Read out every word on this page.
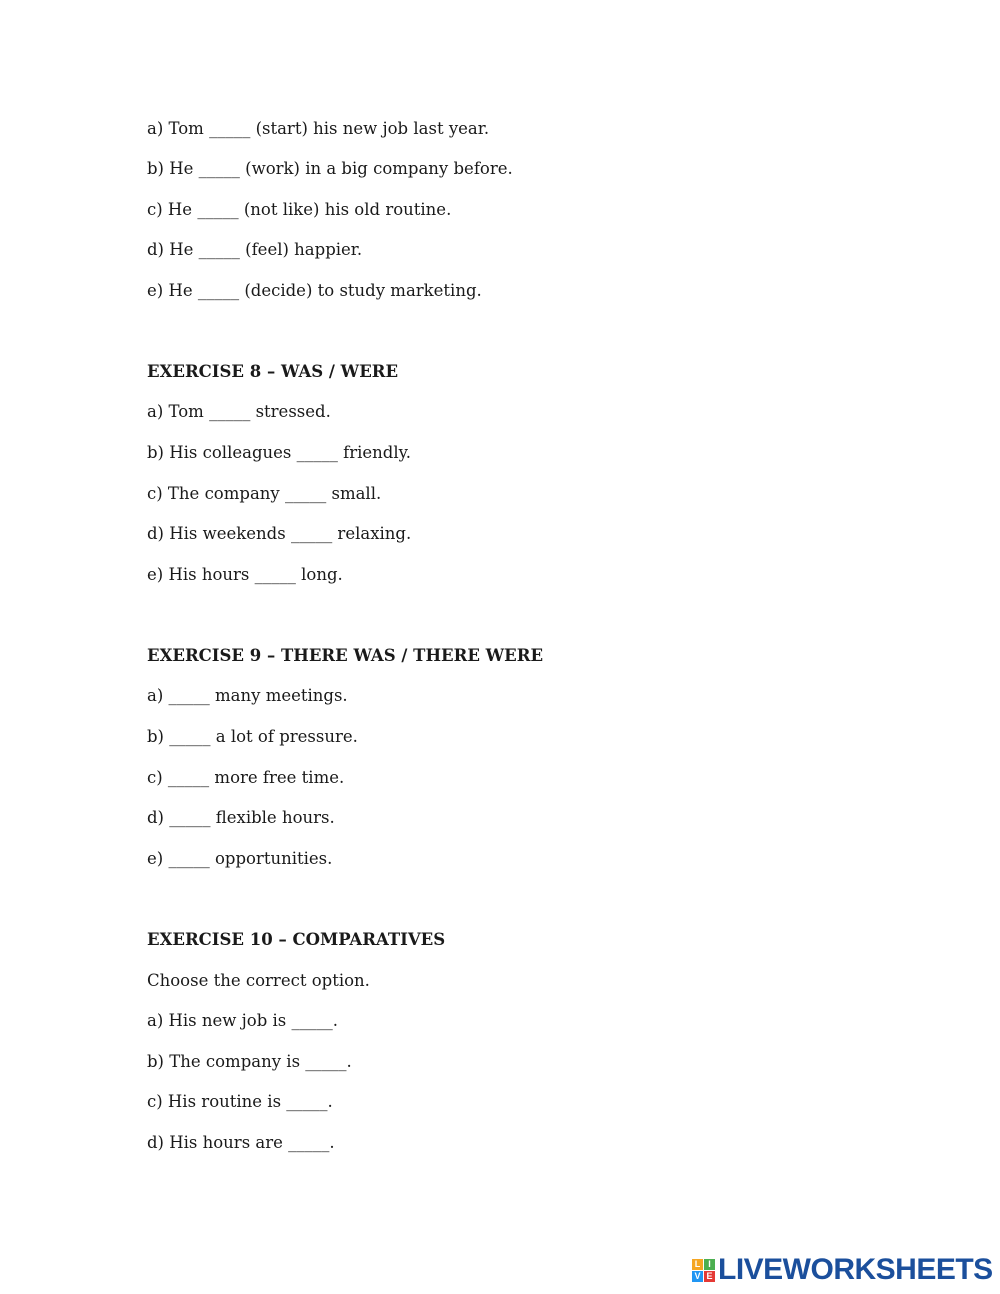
a) Tom _____ (start) his new job last year.

b) He _____ (work) in a big company before.

c) He _____ (not like) his old routine.

d) He _____ (feel) happier.

e) He _____ (decide) to study marketing.

EXERCISE 8 – WAS / WERE

a) Tom _____ stressed.

b) His colleagues _____ friendly.

c) The company _____ small.

d) His weekends _____ relaxing.

e) His hours _____ long.

EXERCISE 9 – THERE WAS / THERE WERE

a) _____ many meetings.

b) _____ a lot of pressure.

c) _____ more free time.

d) _____ flexible hours.

e) _____ opportunities.

EXERCISE 10 – COMPARATIVES

Choose the correct option.

a) His new job is _____.

b) The company is _____.

c) His routine is _____.

d) His hours are _____.

L I
V E LIVEWORKSHEETS
